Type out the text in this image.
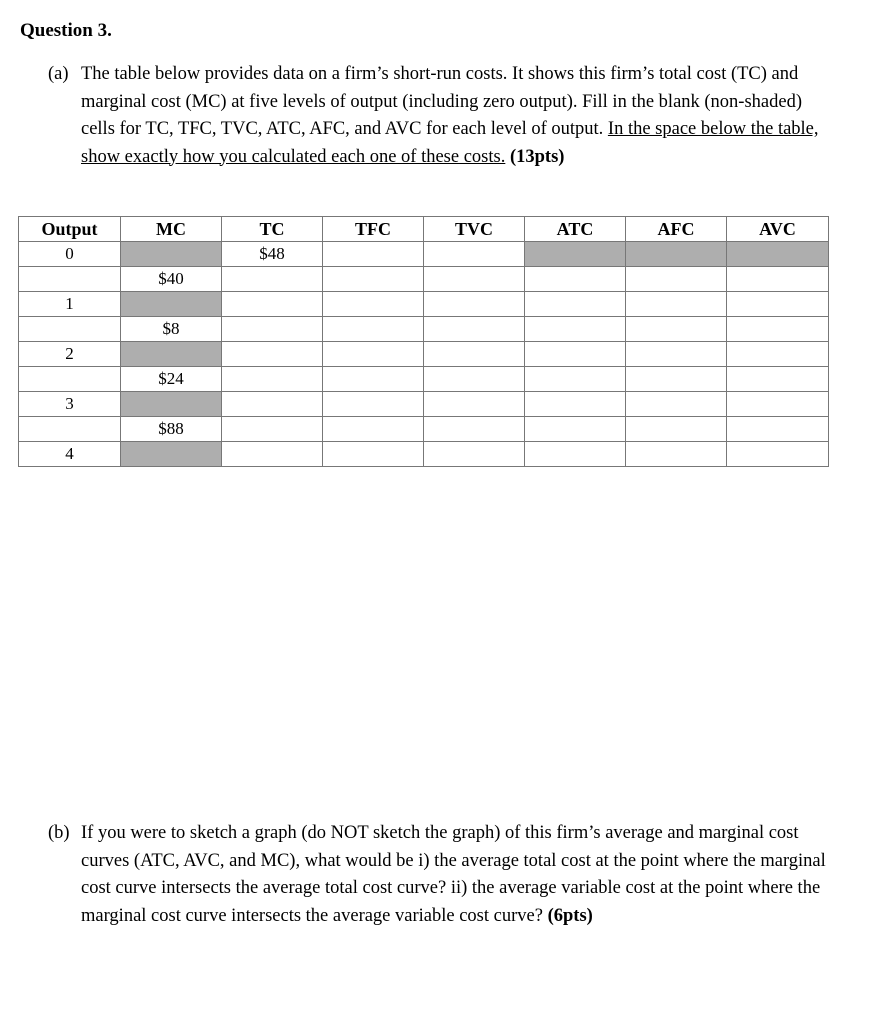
Question 3.
(a) The table below provides data on a firm’s short-run costs. It shows this firm’s total cost (TC) and marginal cost (MC) at five levels of output (including zero output). Fill in the blank (non-shaded) cells for TC, TFC, TVC, ATC, AFC, and AVC for each level of output. In the space below the table, show exactly how you calculated each one of these costs. (13pts)
Output	MC	TC	TFC	TVC	ATC	AFC	AVC
0		$48					
	$40						
1							
	$8						
2							
	$24						
3							
	$88						
4							
(b) If you were to sketch a graph (do NOT sketch the graph) of this firm’s average and marginal cost curves (ATC, AVC, and MC), what would be i) the average total cost at the point where the marginal cost curve intersects the average total cost curve? ii) the average variable cost at the point where the marginal cost curve intersects the average variable cost curve? (6pts)
